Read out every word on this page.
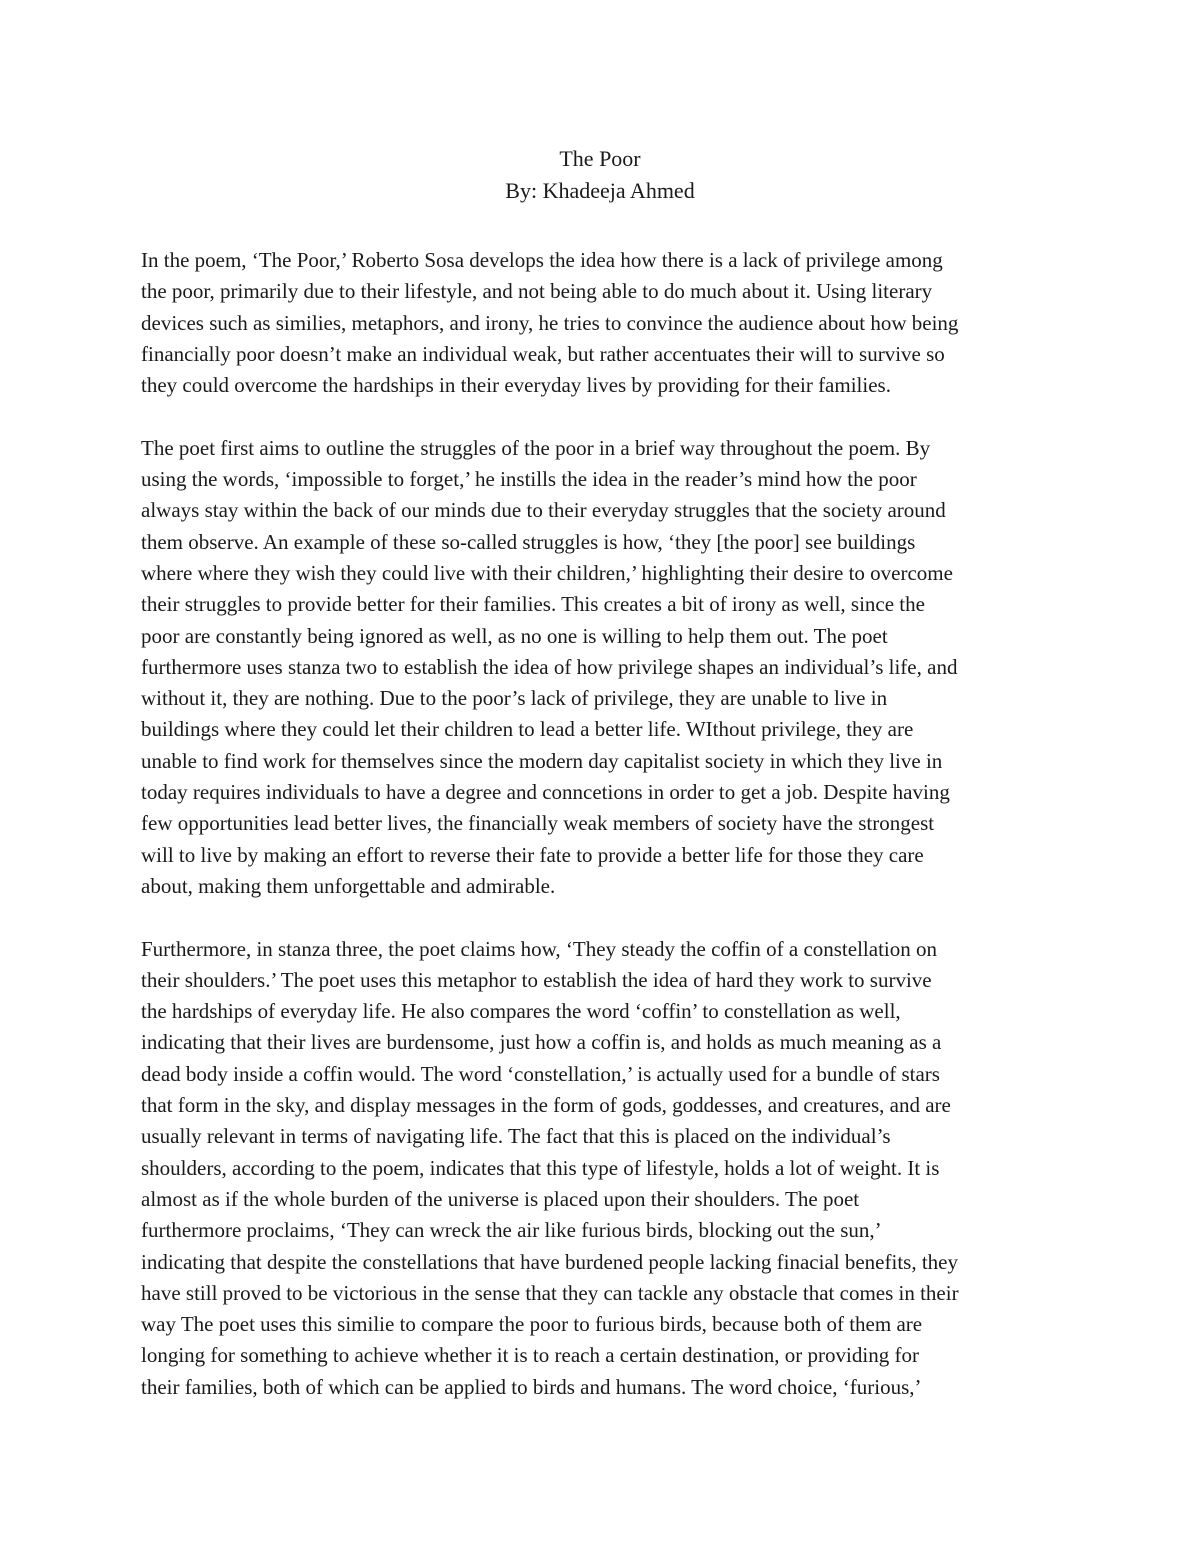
The Poor
By: Khadeeja Ahmed
In the poem, ‘The Poor,’ Roberto Sosa develops the idea how there is a lack of privilege among
the poor, primarily due to their lifestyle, and not being able to do much about it. Using literary
devices such as similies, metaphors, and irony, he tries to convince the audience about how being
financially poor doesn’t make an individual weak, but rather accentuates their will to survive so
they could overcome the hardships in their everyday lives by providing for their families.
The poet first aims to outline the struggles of the poor in a brief way throughout the poem. By
using the words, ‘impossible to forget,’ he instills the idea in the reader’s mind how the poor
always stay within the back of our minds due to their everyday struggles that the society around
them observe. An example of these so-called struggles is how, ‘they [the poor] see buildings
where where they wish they could live with their children,’ highlighting their desire to overcome
their struggles to provide better for their families. This creates a bit of irony as well, since the
poor are constantly being ignored as well, as no one is willing to help them out. The poet
furthermore uses stanza two to establish the idea of how privilege shapes an individual’s life, and
without it, they are nothing. Due to the poor’s lack of privilege, they are unable to live in
buildings where they could let their children to lead a better life. WIthout privilege, they are
unable to find work for themselves since the modern day capitalist society in which they live in
today requires individuals to have a degree and conncetions in order to get a job. Despite having
few opportunities lead better lives, the financially weak members of society have the strongest
will to live by making an effort to reverse their fate to provide a better life for those they care
about, making them unforgettable and admirable.
Furthermore, in stanza three, the poet claims how, ‘They steady the coffin of a constellation on
their shoulders.’ The poet uses this metaphor to establish the idea of hard they work to survive
the hardships of everyday life. He also compares the word ‘coffin’ to constellation as well,
indicating that their lives are burdensome, just how a coffin is, and holds as much meaning as a
dead body inside a coffin would. The word ‘constellation,’ is actually used for a bundle of stars
that form in the sky, and display messages in the form of gods, goddesses, and creatures, and are
usually relevant in terms of navigating life. The fact that this is placed on the individual’s
shoulders, according to the poem, indicates that this type of lifestyle, holds a lot of weight. It is
almost as if the whole burden of the universe is placed upon their shoulders. The poet
furthermore proclaims, ‘They can wreck the air like furious birds, blocking out the sun,’
indicating that despite the constellations that have burdened people lacking finacial benefits, they
have still proved to be victorious in the sense that they can tackle any obstacle that comes in their
way The poet uses this similie to compare the poor to furious birds, because both of them are
longing for something to achieve whether it is to reach a certain destination, or providing for
their families, both of which can be applied to birds and humans. The word choice, ‘furious,’
